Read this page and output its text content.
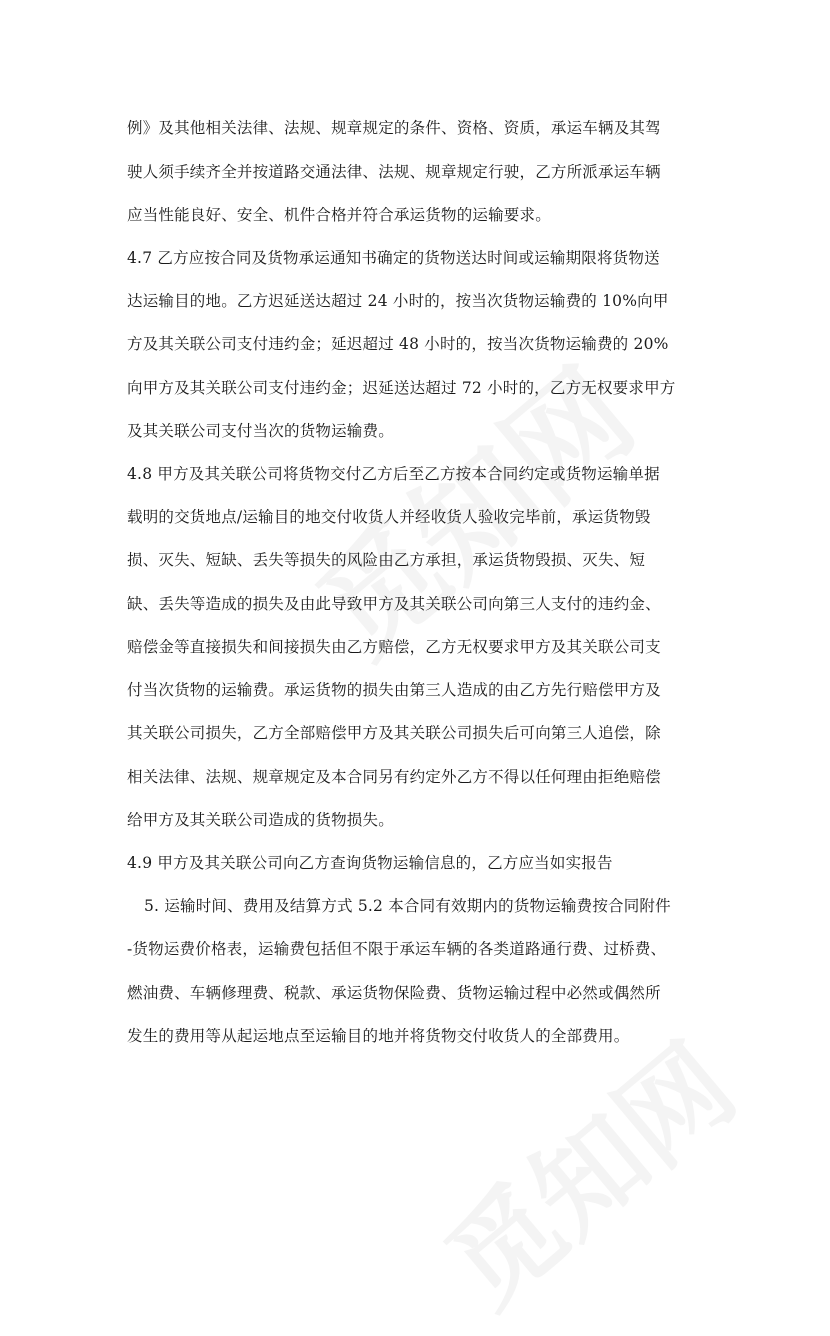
例》及其他相关法律、法规、规章规定的条件、资格、资质，承运车辆及其驾
驶人须手续齐全并按道路交通法律、法规、规章规定行驶，乙方所派承运车辆
应当性能良好、安全、机件合格并符合承运货物的运输要求。
4.7 乙方应按合同及货物承运通知书确定的货物送达时间或运输期限将货物送
达运输目的地。乙方迟延送达超过 24 小时的，按当次货物运输费的 10%向甲
方及其关联公司支付违约金；延迟超过 48 小时的，按当次货物运输费的 20%
向甲方及其关联公司支付违约金；迟延送达超过 72 小时的，乙方无权要求甲方
及其关联公司支付当次的货物运输费。
4.8 甲方及其关联公司将货物交付乙方后至乙方按本合同约定或货物运输单据
载明的交货地点/运输目的地交付收货人并经收货人验收完毕前，承运货物毁
损、灭失、短缺、丢失等损失的风险由乙方承担，承运货物毁损、灭失、短
缺、丢失等造成的损失及由此导致甲方及其关联公司向第三人支付的违约金、
赔偿金等直接损失和间接损失由乙方赔偿，乙方无权要求甲方及其关联公司支
付当次货物的运输费。承运货物的损失由第三人造成的由乙方先行赔偿甲方及
其关联公司损失，乙方全部赔偿甲方及其关联公司损失后可向第三人追偿，除
相关法律、法规、规章规定及本合同另有约定外乙方不得以任何理由拒绝赔偿
给甲方及其关联公司造成的货物损失。
4.9 甲方及其关联公司向乙方查询货物运输信息的，乙方应当如实报告
5. 运输时间、费用及结算方式 5.2 本合同有效期内的货物运输费按合同附件
-货物运费价格表，运输费包括但不限于承运车辆的各类道路通行费、过桥费、
燃油费、车辆修理费、税款、承运货物保险费、货物运输过程中必然或偶然所
发生的费用等从起运地点至运输目的地并将货物交付收货人的全部费用。
